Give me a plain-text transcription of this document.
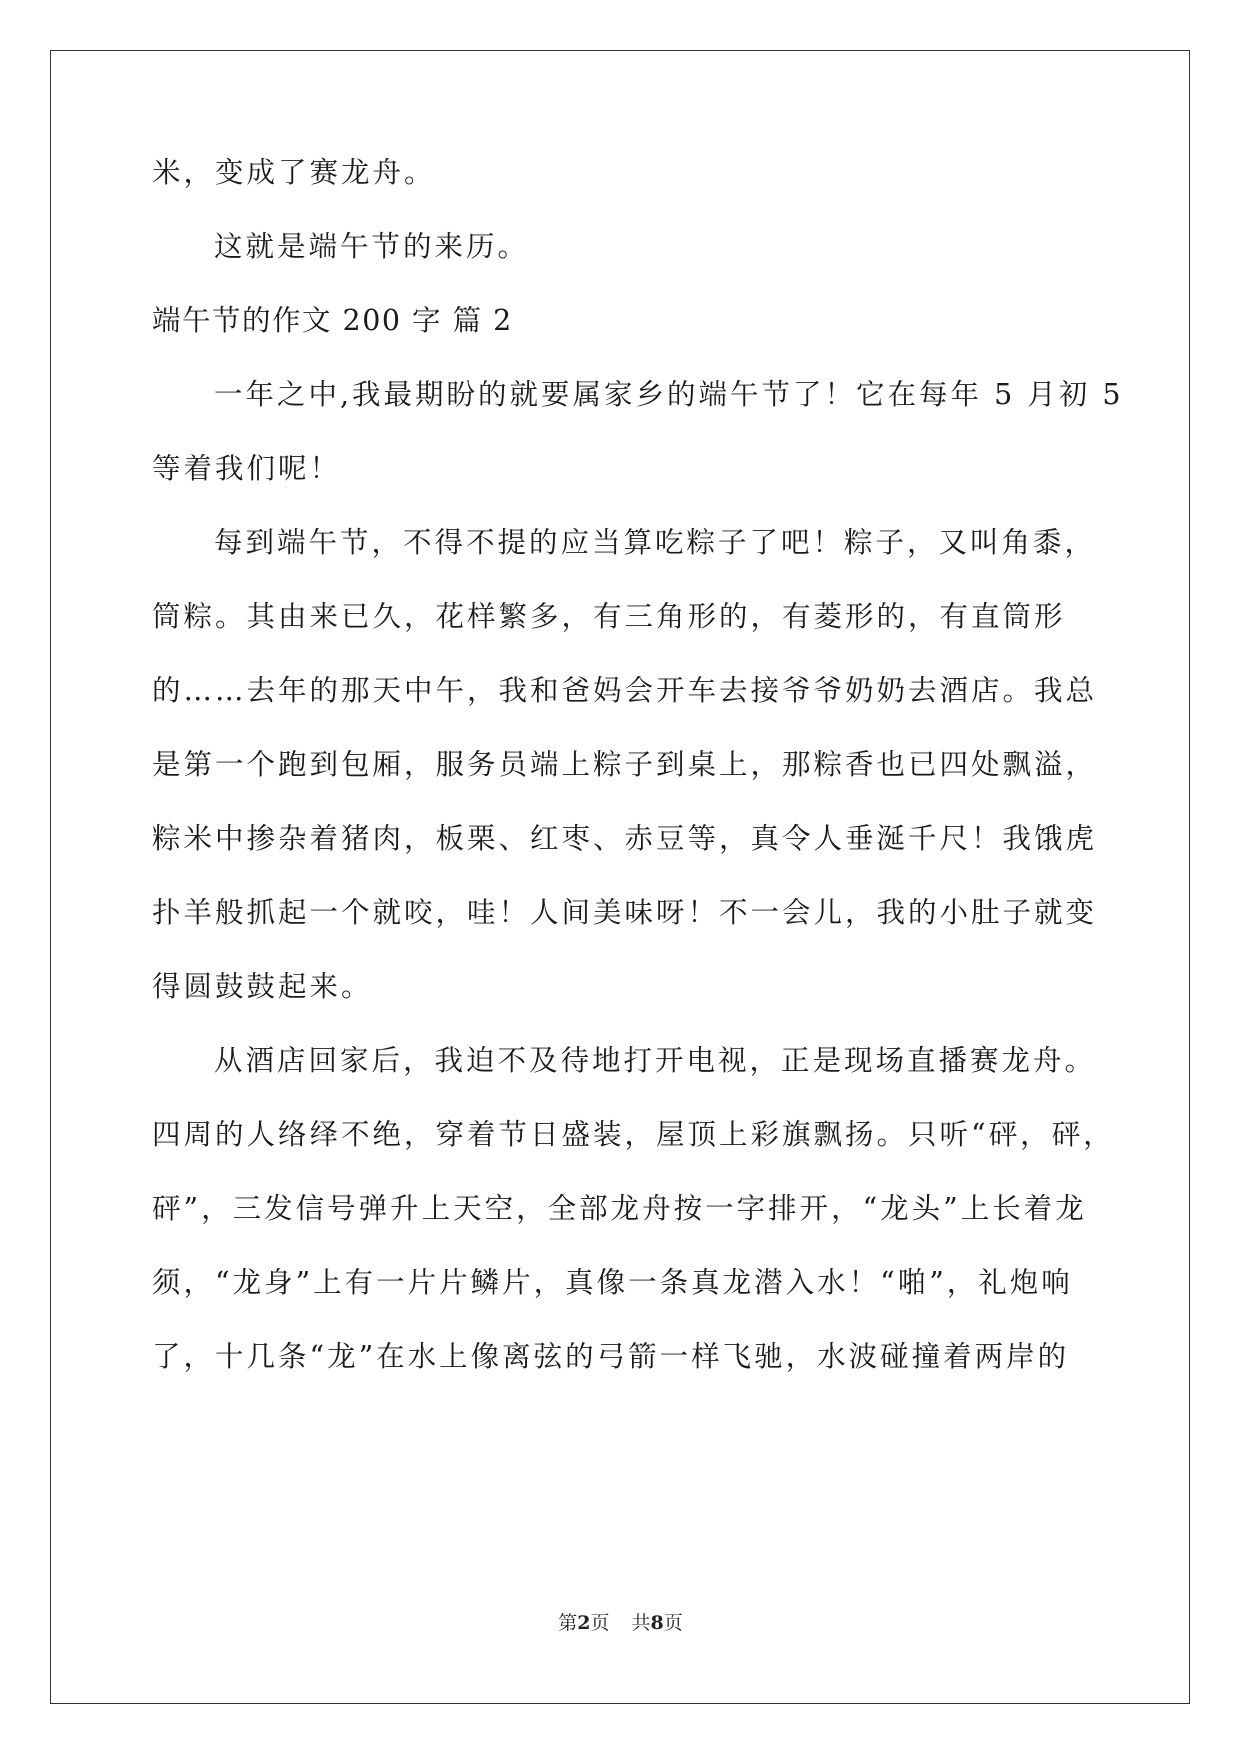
米，变成了赛龙舟。
这就是端午节的来历。
端午节的作文 200 字 篇 2
一年之中,我最期盼的就要属家乡的端午节了！它在每年 5 月初 5
等着我们呢！
每到端午节，不得不提的应当算吃粽子了吧！粽子，又叫角黍，
筒粽。其由来已久，花样繁多，有三角形的，有菱形的，有直筒形
的……去年的那天中午，我和爸妈会开车去接爷爷奶奶去酒店。我总
是第一个跑到包厢，服务员端上粽子到桌上，那粽香也已四处飘溢，
粽米中掺杂着猪肉，板栗、红枣、赤豆等，真令人垂涎千尺！我饿虎
扑羊般抓起一个就咬，哇！人间美味呀！不一会儿，我的小肚子就变
得圆鼓鼓起来。
从酒店回家后，我迫不及待地打开电视，正是现场直播赛龙舟。
四周的人络绎不绝，穿着节日盛装，屋顶上彩旗飘扬。只听“砰，砰，
砰”，三发信号弹升上天空，全部龙舟按一字排开，“龙头”上长着龙
须，“龙身”上有一片片鳞片，真像一条真龙潜入水！“啪”，礼炮响
了，十几条“龙”在水上像离弦的弓箭一样飞驰，水波碰撞着两岸的
第2页 共8页
